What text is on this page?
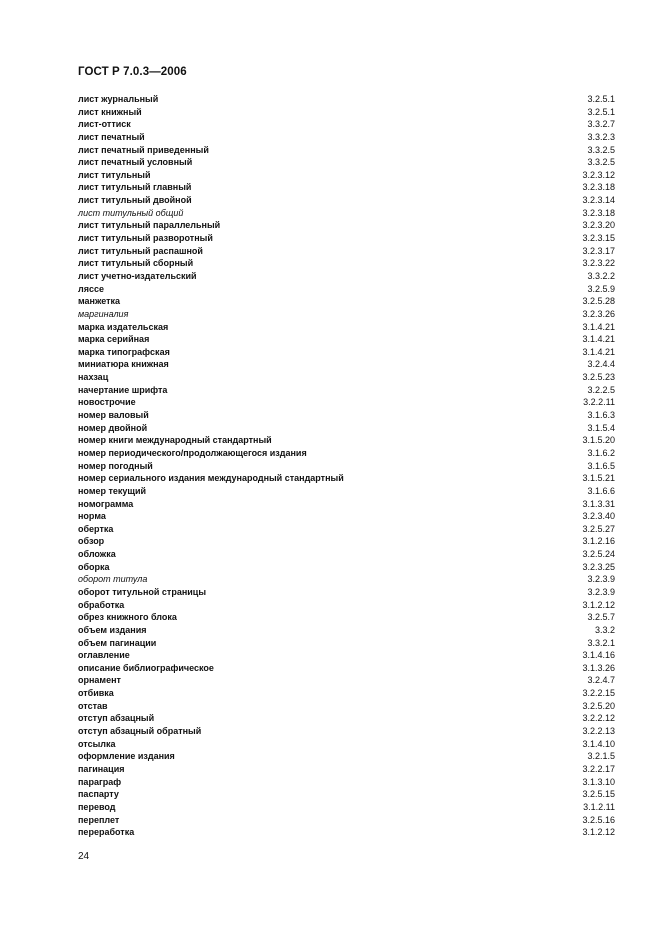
ГОСТ Р 7.0.3—2006
лист журнальный	3.2.5.1
лист книжный	3.2.5.1
лист-оттиск	3.3.2.7
лист печатный	3.3.2.3
лист печатный приведенный	3.3.2.5
лист печатный условный	3.3.2.5
лист титульный	3.2.3.12
лист титульный главный	3.2.3.18
лист титульный двойной	3.2.3.14
лист титульный общий	3.2.3.18
лист титульный параллельный	3.2.3.20
лист титульный разворотный	3.2.3.15
лист титульный распашной	3.2.3.17
лист титульный сборный	3.2.3.22
лист учетно-издательский	3.3.2.2
ляссе	3.2.5.9
манжетка	3.2.5.28
маргиналия	3.2.3.26
марка издательская	3.1.4.21
марка серийная	3.1.4.21
марка типографская	3.1.4.21
миниатюра книжная	3.2.4.4
нахзац	3.2.5.23
начертание шрифта	3.2.2.5
новострочие	3.2.2.11
номер валовый	3.1.6.3
номер двойной	3.1.5.4
номер книги международный стандартный	3.1.5.20
номер периодического/продолжающегося издания	3.1.6.2
номер погодный	3.1.6.5
номер сериального издания международный стандартный	3.1.5.21
номер текущий	3.1.6.6
номограмма	3.1.3.31
норма	3.2.3.40
обертка	3.2.5.27
обзор	3.1.2.16
обложка	3.2.5.24
оборка	3.2.3.25
оборот титула	3.2.3.9
оборот титульной страницы	3.2.3.9
обработка	3.1.2.12
обрез книжного блока	3.2.5.7
объем издания	3.3.2
объем пагинации	3.3.2.1
оглавление	3.1.4.16
описание библиографическое	3.1.3.26
орнамент	3.2.4.7
отбивка	3.2.2.15
отстав	3.2.5.20
отступ абзацный	3.2.2.12
отступ абзацный обратный	3.2.2.13
отсылка	3.1.4.10
оформление издания	3.2.1.5
пагинация	3.2.2.17
параграф	3.1.3.10
паспарту	3.2.5.15
перевод	3.1.2.11
переплет	3.2.5.16
переработка	3.1.2.12
24
